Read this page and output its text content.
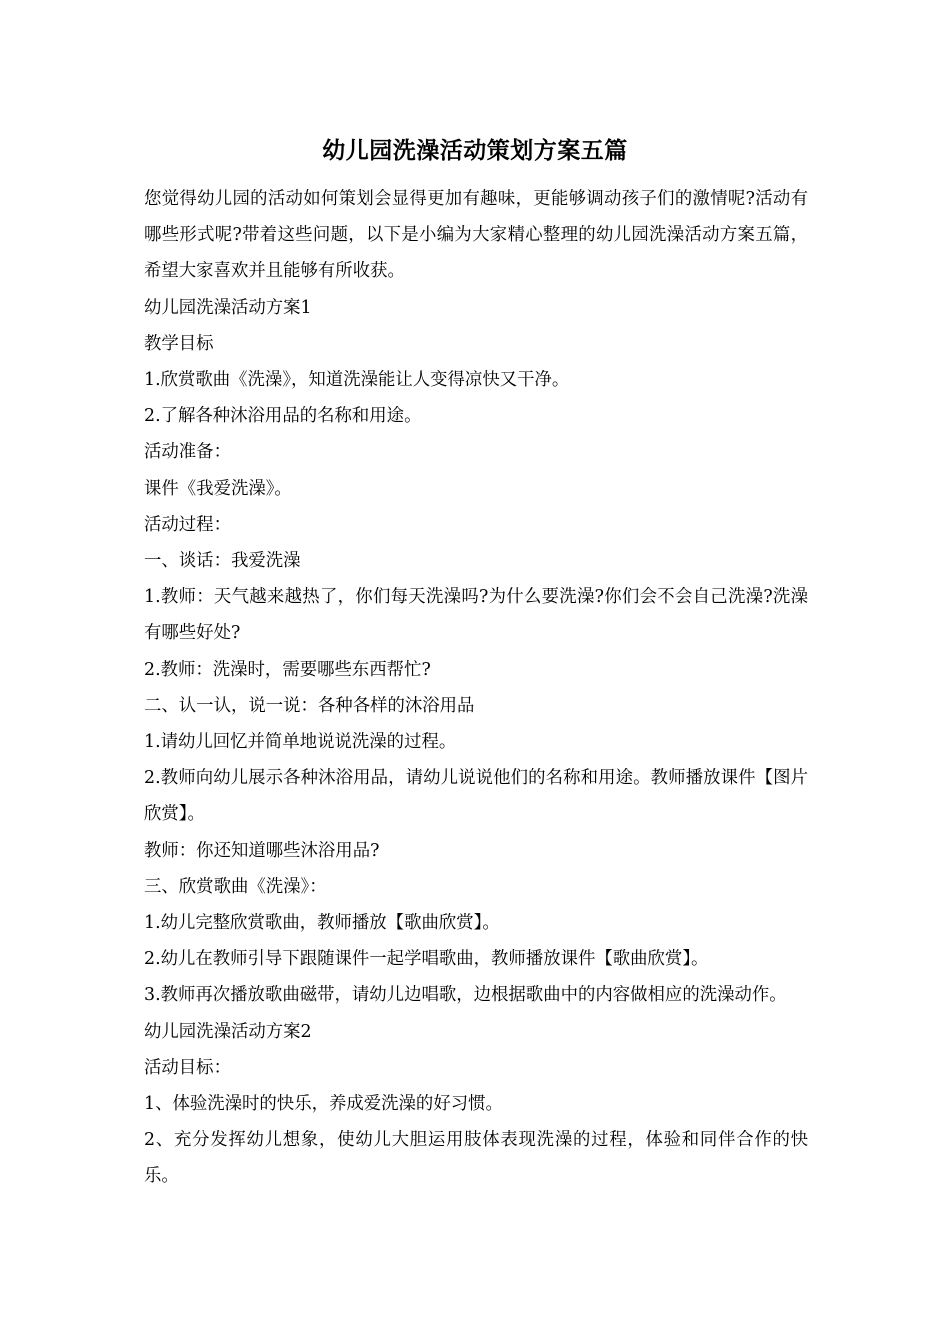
幼儿园洗澡活动策划方案五篇

您觉得幼儿园的活动如何策划会显得更加有趣味，更能够调动孩子们的激情呢?活动有哪些形式呢?带着这些问题，以下是小编为大家精心整理的幼儿园洗澡活动方案五篇，希望大家喜欢并且能够有所收获。

幼儿园洗澡活动方案1

教学目标

1.欣赏歌曲《洗澡》，知道洗澡能让人变得凉快又干净。

2.了解各种沐浴用品的名称和用途。

活动准备：

课件《我爱洗澡》。

活动过程：

一、谈话：我爱洗澡

1.教师：天气越来越热了，你们每天洗澡吗?为什么要洗澡?你们会不会自己洗澡?洗澡有哪些好处?

2.教师：洗澡时，需要哪些东西帮忙?

二、认一认，说一说：各种各样的沐浴用品

1.请幼儿回忆并简单地说说洗澡的过程。

2.教师向幼儿展示各种沐浴用品，请幼儿说说他们的名称和用途。教师播放课件【图片欣赏】。

教师：你还知道哪些沐浴用品?

三、欣赏歌曲《洗澡》：

1.幼儿完整欣赏歌曲，教师播放【歌曲欣赏】。

2.幼儿在教师引导下跟随课件一起学唱歌曲，教师播放课件【歌曲欣赏】。

3.教师再次播放歌曲磁带，请幼儿边唱歌，边根据歌曲中的内容做相应的洗澡动作。

幼儿园洗澡活动方案2

活动目标：

1、体验洗澡时的快乐，养成爱洗澡的好习惯。

2、充分发挥幼儿想象，使幼儿大胆运用肢体表现洗澡的过程，体验和同伴合作的快乐。
